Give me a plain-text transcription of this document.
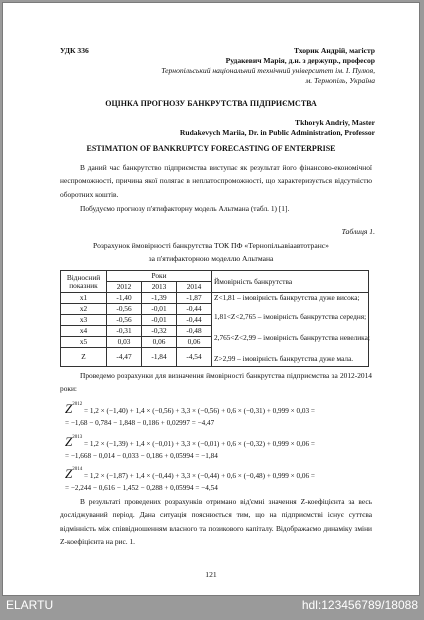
УДК 336	Тхорик Андрій, магістр
Рудакевич Марія, д.н. з держупр., професор
Тернопільський національний технічний університет ім. І. Пулюя,
м. Тернопіль, Україна
ОЦІНКА ПРОГНОЗУ БАНКРУТСТВА ПІДПРИЄМСТВА
Tkhoryk Andriy, Master
Rudakevych Mariia, Dr. in Public Administration, Professor
ESTIMATION OF BANKRUPTCY FORECASTING OF ENTERPRISE
В даний час банкрутство підприємства виступає як результат його фінансово-економічної неспроможності, причина якої полягає в неплатоспроможності, що характеризується відсутністю оборотних коштів.
Побудуємо прогнозу п'ятифакторну модель Альтмана (табл. 1) [1].
Таблиця 1.
Розрахунок ймовірності банкрутства ТОК ПФ «Тернопільавіаавтотранс»
за п'ятифакторною моделлю Альтмана
Відносний показник	Роки			Ймовірність банкрутства
	2012	2013	2014	
x1	-1,40	-1,39	-1,87	Z<1,81 – імовірність банкрутства дуже висока;
1,81<Z<2,765 – імовірність банкрутства середня;
2,765<Z<2,99 – імовірність банкрутства невелика;
Z>2,99 – імовірність банкрутства дуже мала.

x2	-0,56	-0,01	-0,44	
x3	-0,56	-0,01	-0,44	
x4	-0,31	-0,32	-0,48	
x5	0,03	0,06	0,06	
Z	-4,47	-1,84	-4,54	
Проведемо розрахунки для визначення ймовірності банкрутства підприємства за 2012-2014 роки:
$Z^{2012} = 1,2 \times (-1,40) + 1,4 \times (-0,56) + 3,3 \times (-0,56) + 0,6 \times (-0,31) + 0,999 \times 0,03$ =
= −1,68 − 0,784 − 1,848 − 0,186 + 0,02997 = −4,47
$Z^{2013} = 1,2 \times (-1,39) + 1,4 \times (-0,01) + 3,3 \times (-0,01) + 0,6 \times (-0,32) + 0,999 \times 0,06$ =
= −1,668 − 0,014 − 0,033 − 0,186 + 0,05994 = −1,84
$Z^{2014} = 1,2 \times (-1,87) + 1,4 \times (-0,44) + 3,3 \times (-0,44) + 0,6 \times (-0,48) + 0,999 \times 0,06$ =
= −2,244 − 0,616 − 1,452 − 0,288 + 0,05994 = −4,54
В результаті проведених розрахунків отримано від'ємні значення Z-коефіцієнта за весь досліджуваний період. Дана ситуація пояснюється тим, що на підприємстві існує суттєва відмінність між співвідношенням власного та позикового капіталу. Відображаємо динаміку зміни Z-коефіцієнта на рис. 1.
121
ELARTU	hdl:123456789/18088
